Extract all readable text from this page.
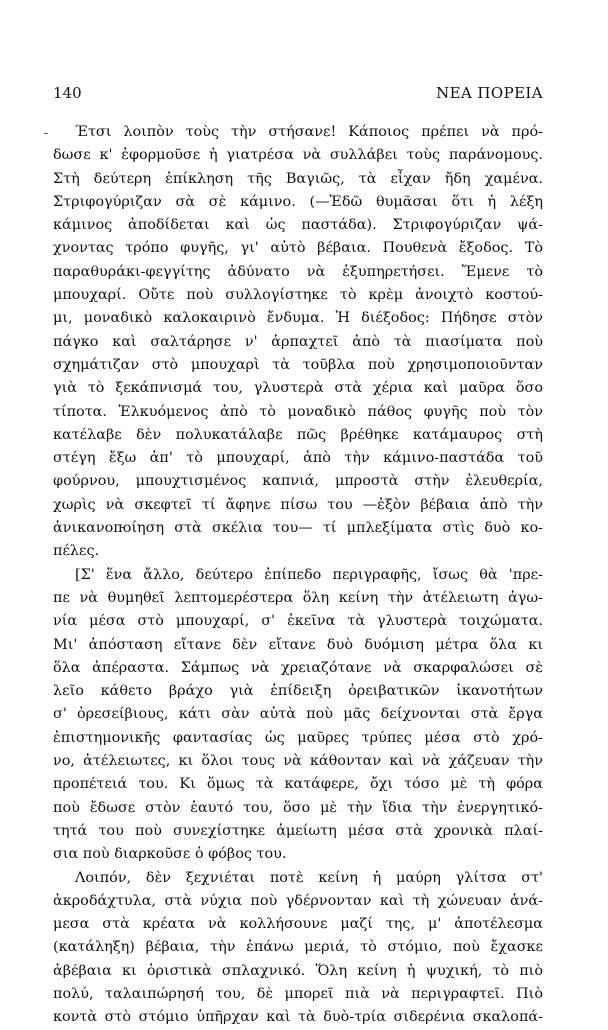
140	ΝΕΑ ΠΟΡΕΙΑ
Έτσι λοιπὸν τοὺς τὴν στήσανε! Κάποιος πρέπει νὰ πρό-
δωσε κ' ἐφορμοῦσε ἡ γιατρέσα νὰ συλλάβει τοὺς παράνομους.
Στὴ δεύτερη ἐπίκληση τῆς Βαγιῶς, τὰ εἶχαν ἤδη χαμένα.
Στριφογύριζαν σὰ σὲ κάμινο. (—Ἐδῶ θυμᾶσαι ὅτι ἡ λέξη
κάμινος ἀποδίδεται καὶ ὡς παστάδα). Στριφογύριζαν ψά-
χνοντας τρόπο φυγῆς, γι' αὐτὸ βέβαια. Πουθενὰ ἔξοδος. Τὸ
παραθυράκι-φεγγίτης ἀδύνατο νὰ ἐξυπηρετήσει. Ἔμενε τὸ
μπουχαρί. Οὔτε ποὺ συλλογίστηκε τὸ κρὲμ ἀνοιχτὸ κοστού-
μι, μοναδικὸ καλοκαιρινὸ ἔνδυμα. Ἡ διέξοδος: Πήδησε στὸν
πάγκο καὶ σαλτάρησε ν' ἁρπαχτεῖ ἀπὸ τὰ πιασίματα ποὺ
σχημάτιζαν στὸ μπουχαρὶ τὰ τοῦβλα ποὺ χρησιμοποιοῦνταν
γιὰ τὸ ξεκάπνισμά του, γλυστερὰ στὰ χέρια καὶ μαῦρα ὅσο
τίποτα. Ἑλκυόμενος ἀπὸ τὸ μοναδικὸ πάθος φυγῆς ποὺ τὸν
κατέλαβε δὲν πολυκατάλαβε πῶς βρέθηκε κατάμαυρος στὴ
στέγη ἔξω ἀπ' τὸ μπουχαρί, ἀπὸ τὴν κάμινο-παστάδα τοῦ
φούρνου, μπουχτισμένος καπνιά, μπροστὰ στὴν ἐλευθερία,
χωρὶς νὰ σκεφτεῖ τί ἄφηνε πίσω του —ἐξὸν βέβαια ἀπὸ τὴν
ἀνικανοποίηση στὰ σκέλια του— τί μπλεξίματα στὶς δυὸ κο-
πέλες.
[Σ' ἕνα ἄλλο, δεύτερο ἐπίπεδο περιγραφῆς, ἴσως θὰ 'πρε-
πε νὰ θυμηθεῖ λεπτομερέστερα ὅλη κείνη τὴν ἀτέλειωτη ἀγω-
νία μέσα στὸ μπουχαρί, σ' ἐκεῖνα τὰ γλυστερὰ τοιχώματα.
Μι' ἀπόσταση εἴτανε δὲν εἴτανε δυὸ δυόμιση μέτρα ὅλα κι
ὅλα ἀπέραστα. Σάμπως νὰ χρειαζότανε νὰ σκαρφαλώσει σὲ
λεῖο κάθετο βράχο γιὰ ἐπίδειξη ὀρειβατικῶν ἱκανοτήτων
σ' ὀρεσείβιους, κάτι σὰν αὐτὰ ποὺ μᾶς δείχνονται στὰ ἔργα
ἐπιστημονικῆς φαντασίας ὡς μαῦρες τρύπες μέσα στὸ χρό-
νο, ἀτέλειωτες, κι ὅλοι τους νὰ κάθονταν καὶ νὰ χάζευαν τὴν
προπέτειά του. Κι ὅμως τὰ κατάφερε, ὄχι τόσο μὲ τὴ φόρα
ποὺ ἔδωσε στὸν ἑαυτό του, ὅσο μὲ τὴν ἴδια τὴν ἐνεργητικό-
τητά του ποὺ συνεχίστηκε ἀμείωτη μέσα στὰ χρονικὰ πλαί-
σια ποὺ διαρκοῦσε ὁ φόβος του.
Λοιπόν, δὲν ξεχνιέται ποτὲ κείνη ἡ μαύρη γλίτσα στ'
ἀκροδάχτυλα, στὰ νύχια ποὺ γδέρνονταν καὶ τὴ χώνευαν ἀνά-
μεσα στὰ κρέατα νὰ κολλήσουνε μαζί της, μ' ἀποτέλεσμα
(κατάληξη) βέβαια, τὴν ἐπάνω μεριά, τὸ στόμιο, ποὺ ἔχασκε
ἀβέβαια κι ὁριστικὰ σπλαχνικό. Ὅλη κείνη ἡ ψυχική, τὸ πιὸ
πολύ, ταλαιπώρησή του, δὲ μπορεῖ πιὰ νὰ περιγραφτεῖ. Πιὸ
κοντὰ στὸ στόμιο ὑπῆρχαν καὶ τὰ δυὸ-τρία σιδερένια σκαλοπά-
